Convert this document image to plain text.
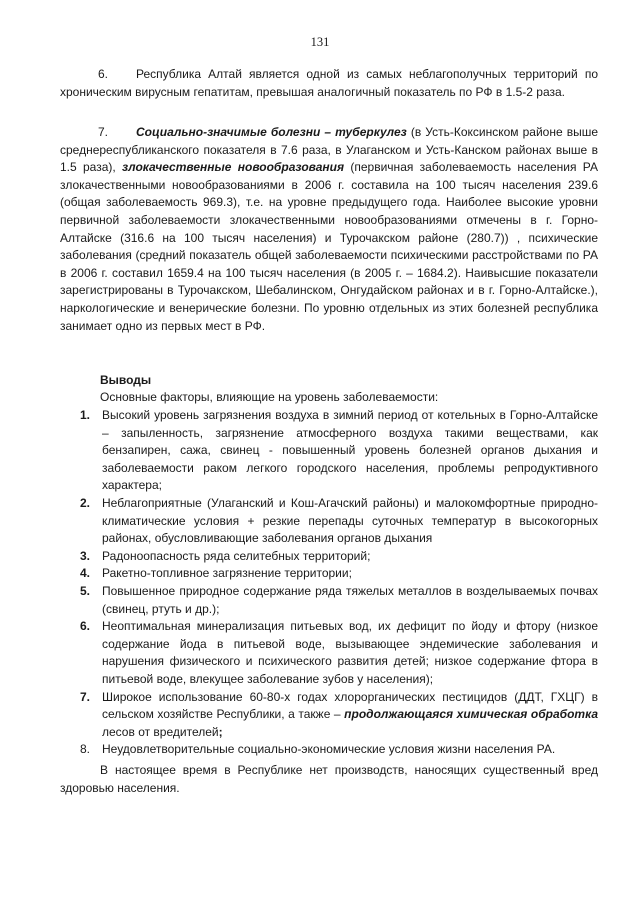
131

6. Республика Алтай является одной из самых неблагополучных территорий по хроническим вирусным гепатитам, превышая аналогичный показатель по РФ в 1.5-2 раза.

7. Социально-значимые болезни – туберкулез (в Усть-Коксинском районе выше среднереспубликанского показателя в 7.6 раза, в Улаганском и Усть-Канском районах выше в 1.5 раза), злокачественные новообразования (первичная заболеваемость населения РА злокачественными новообразованиями в 2006 г. составила на 100 тысяч населения 239.6 (общая заболеваемость 969.3), т.е. на уровне предыдущего года. Наиболее высокие уровни первичной заболеваемости злокачественными новообразованиями отмечены в г. Горно-Алтайске (316.6 на 100 тысяч населения) и Турочакском районе (280.7)) , психические заболевания (средний показатель общей заболеваемости психическими расстройствами по РА в 2006 г. составил 1659.4 на 100 тысяч населения (в 2005 г. – 1684.2). Наивысшие показатели зарегистрированы в Турочакском, Шебалинском, Онгудайском районах и в г. Горно-Алтайске.), наркологические и венерические болезни. По уровню отдельных из этих болезней республика занимает одно из первых мест в РФ.

Выводы
Основные факторы, влияющие на уровень заболеваемости:
1. Высокий уровень загрязнения воздуха в зимний период от котельных в Горно-Алтайске – запыленность, загрязнение атмосферного воздуха такими веществами, как бензапирен, сажа, свинец - повышенный уровень болезней органов дыхания и заболеваемости раком легкого городского населения, проблемы репродуктивного характера;
2. Неблагоприятные (Улаганский и Кош-Агачский районы) и малокомфортные природно-климатические условия + резкие перепады суточных температур в высокогорных районах, обусловливающие заболевания органов дыхания
3. Радоноопасность ряда селитебных территорий;
4. Ракетно-топливное загрязнение территории;
5. Повышенное природное содержание ряда тяжелых металлов в возделываемых почвах (свинец, ртуть и др.);
6. Неоптимальная минерализация питьевых вод, их дефицит по йоду и фтору (низкое содержание йода в питьевой воде, вызывающее эндемические заболевания и нарушения физического и психического развития детей; низкое содержание фтора в питьевой воде, влекущее заболевание зубов у населения);
7. Широкое использование 60-80-х годах хлорорганических пестицидов (ДДТ, ГХЦГ) в сельском хозяйстве Республики, а также – продолжающаяся химическая обработка лесов от вредителей;
8. Неудовлетворительные социально-экономические условия жизни населения РА.

В настоящее время в Республике нет производств, наносящих существенный вред здоровью населения.
